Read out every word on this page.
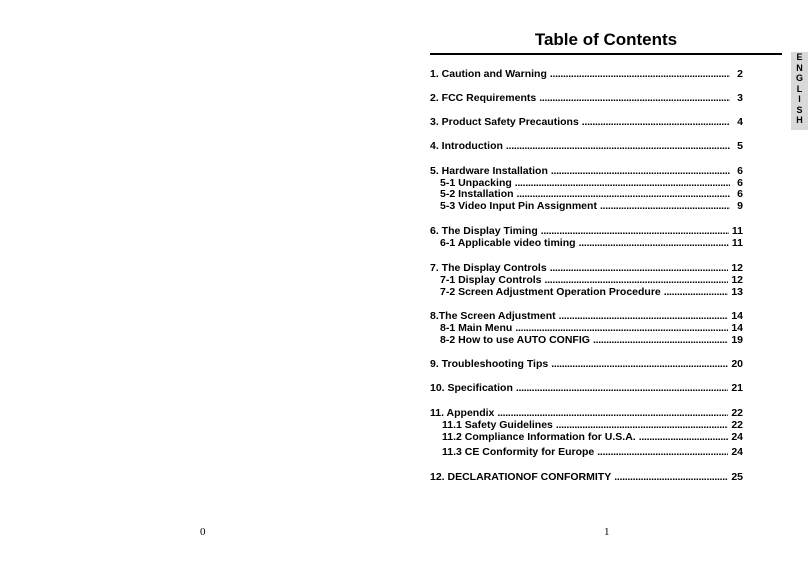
Table of Contents
E
N
G
L
I
S
H
1. Caution and Warning . . .	2
2. FCC Requirements . . .	3
3. Product Safety Precautions . . .	4
4. Introduction . . .	5
5. Hardware Installation . . .	6
5-1 Unpacking . . .	6
5-2 Installation . . .	6
5-3 Video Input Pin Assignment . . .	9
6. The Display Timing . . .	11
6-1 Applicable video timing . . .	11
7. The Display Controls . . .	12
7-1 Display Controls . . .	12
7-2 Screen Adjustment Operation Procedure . . .	13
8.The Screen Adjustment . . .	14
8-1 Main Menu . . .	14
8-2 How to use AUTO CONFIG . . .	19
9. Troubleshooting Tips . . .	20
10. Specification . . .	21
11. Appendix . . .	22
11.1 Safety Guidelines . . .	22
11.2 Compliance Information for U.S.A. . . .	24
11.3 CE Conformity for Europe . . .	24
12. DECLARATIONOF CONFORMITY . . .	25
0	1
